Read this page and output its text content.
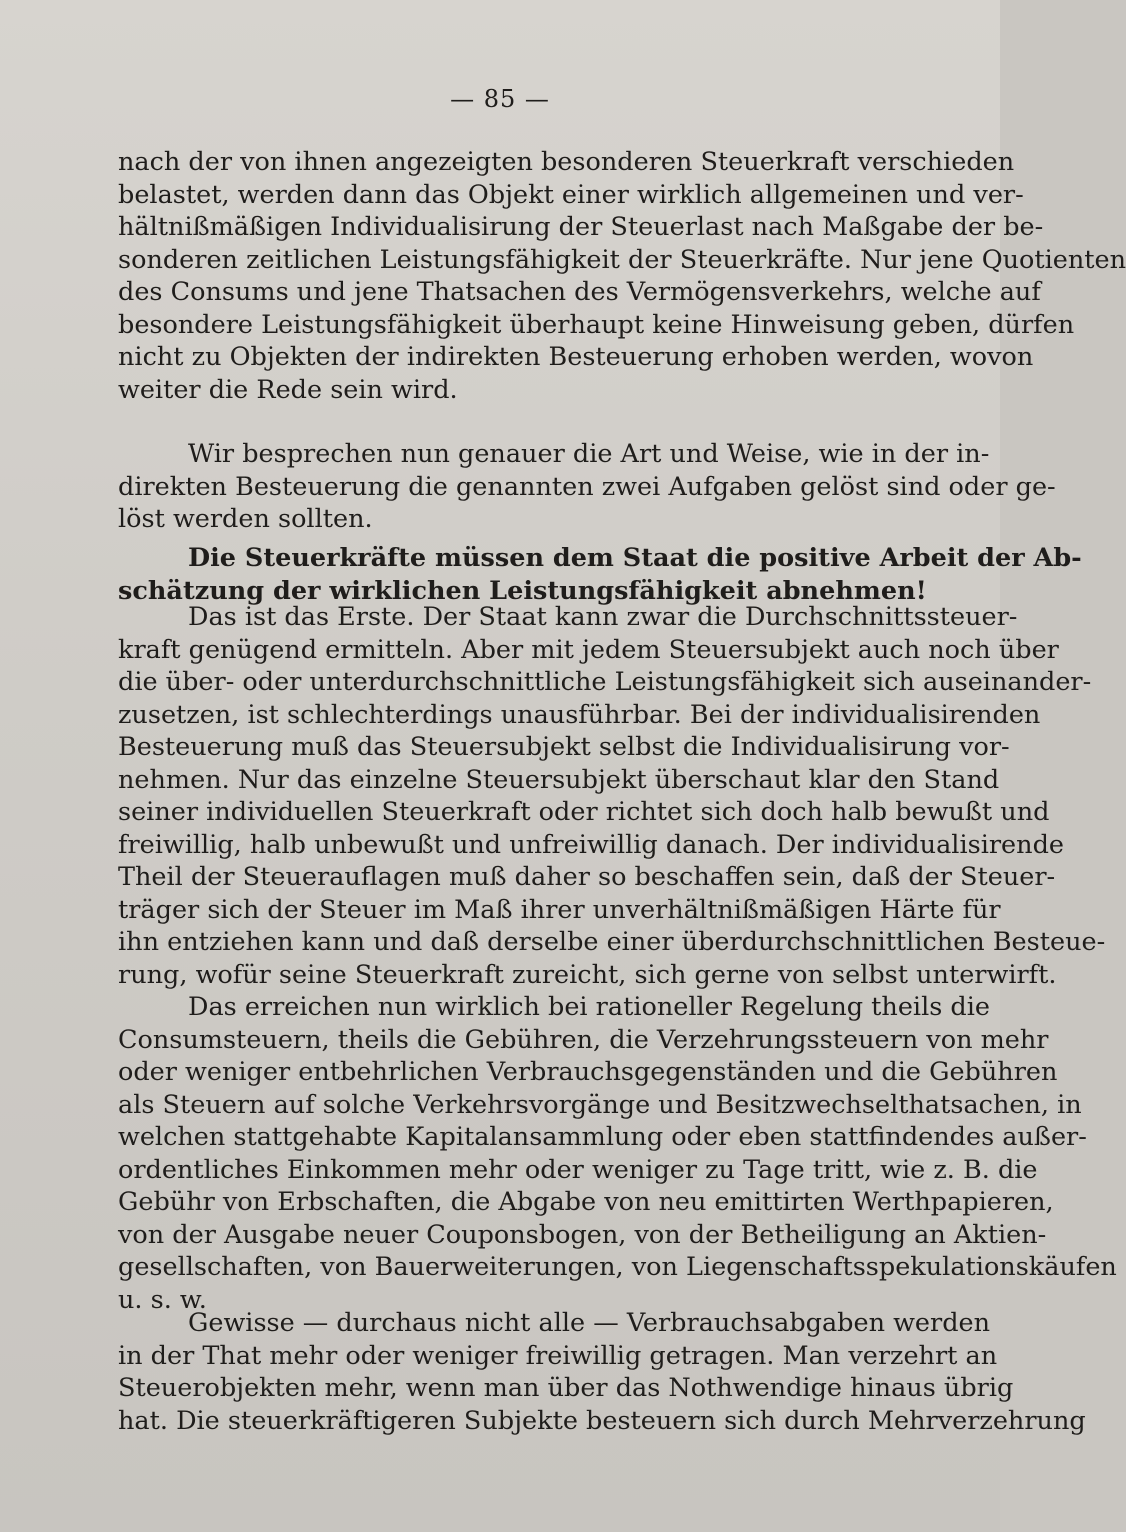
— 85 —
nach der von ihnen angezeigten besonderen Steuerkraft verschieden
belastet, werden dann das Objekt einer wirklich allgemeinen und ver-
hältnißmäßigen Individualisirung der Steuerlast nach Maßgabe der be-
sonderen zeitlichen Leistungsfähigkeit der Steuerkräfte. Nur jene Quotienten
des Consums und jene Thatsachen des Vermögensverkehrs, welche auf
besondere Leistungsfähigkeit überhaupt keine Hinweisung geben, dürfen
nicht zu Objekten der indirekten Besteuerung erhoben werden, wovon
weiter die Rede sein wird.
Wir besprechen nun genauer die Art und Weise, wie in der in-
direkten Besteuerung die genannten zwei Aufgaben gelöst sind oder ge-
löst werden sollten.
Die Steuerkräfte müssen dem Staat die positive Arbeit der Ab-
schätzung der wirklichen Leistungsfähigkeit abnehmen!
Das ist das Erste. Der Staat kann zwar die Durchschnittssteuer-
kraft genügend ermitteln. Aber mit jedem Steuersubjekt auch noch über
die über- oder unterdurchschnittliche Leistungsfähigkeit sich auseinander-
zusetzen, ist schlechterdings unausführbar. Bei der individualisirenden
Besteuerung muß das Steuersubjekt selbst die Individualisirung vor-
nehmen. Nur das einzelne Steuersubjekt überschaut klar den Stand
seiner individuellen Steuerkraft oder richtet sich doch halb bewußt und
freiwillig, halb unbewußt und unfreiwillig danach. Der individualisirende
Theil der Steuerauflagen muß daher so beschaffen sein, daß der Steuer-
träger sich der Steuer im Maß ihrer unverhältnißmäßigen Härte für
ihn entziehen kann und daß derselbe einer überdurchschnittlichen Besteue-
rung, wofür seine Steuerkraft zureicht, sich gerne von selbst unterwirft.
Das erreichen nun wirklich bei rationeller Regelung theils die
Consumsteuern, theils die Gebühren, die Verzehrungssteuern von mehr
oder weniger entbehrlichen Verbrauchsgegenständen und die Gebühren
als Steuern auf solche Verkehrsvorgänge und Besitzwechselthatsachen, in
welchen stattgehabte Kapitalansammlung oder eben stattfindendes außer-
ordentliches Einkommen mehr oder weniger zu Tage tritt, wie z. B. die
Gebühr von Erbschaften, die Abgabe von neu emittirten Werthpapieren,
von der Ausgabe neuer Couponsbogen, von der Betheiligung an Aktien-
gesellschaften, von Bauerweiterungen, von Liegenschaftsspekulationskäufen
u. s. w.
Gewisse — durchaus nicht alle — Verbrauchsabgaben werden
in der That mehr oder weniger freiwillig getragen. Man verzehrt an
Steuerobjekten mehr, wenn man über das Nothwendige hinaus übrig
hat. Die steuerkräftigeren Subjekte besteuern sich durch Mehrverzehrung
